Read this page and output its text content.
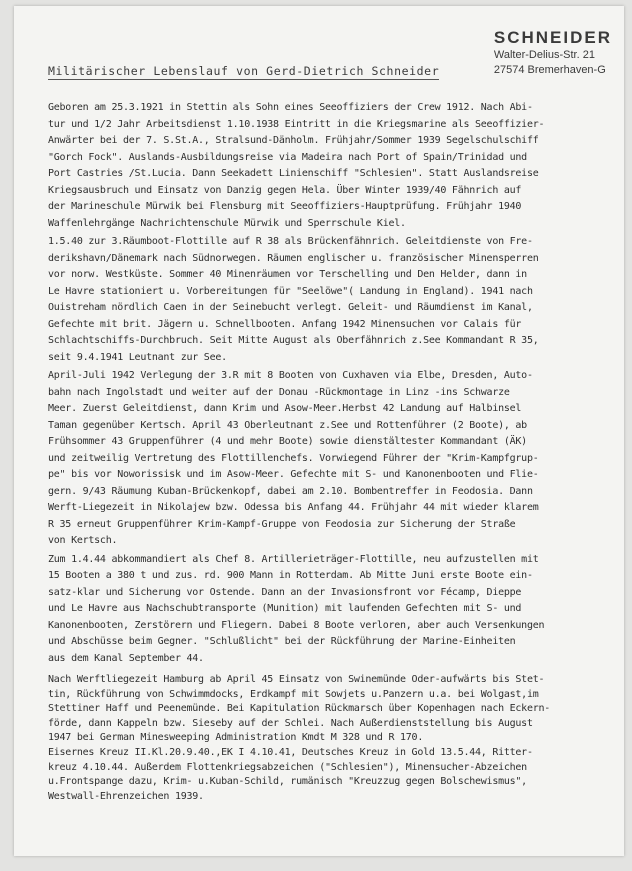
SCHNEIDER
Walter-Delius-Str. 21
27574 Bremerhaven-G
Militärischer Lebenslauf von Gerd-Dietrich Schneider
Geboren am 25.3.1921 in Stettin als Sohn eines Seeoffiziers der Crew 1912. Nach Abi-
tur und 1/2 Jahr Arbeitsdienst 1.10.1938 Eintritt in die Kriegsmarine als Seeoffizier-
Anwärter bei der 7. S.St.A., Stralsund-Dänholm. Frühjahr/Sommer 1939 Segelschulschiff
"Gorch Fock". Auslands-Ausbildungsreise via Madeira nach Port of Spain/Trinidad und
Port Castries /St.Lucia. Dann Seekadett Linienschiff "Schlesien". Statt Auslandsreise
Kriegsausbruch und Einsatz von Danzig gegen Hela. Über Winter 1939/40 Fähnrich auf
der Marineschule Mürwik bei Flensburg mit Seeoffiziers-Hauptprüfung. Frühjahr 1940
Waffenlehrgänge Nachrichtenschule Mürwik und Sperrschule Kiel.
1.5.40 zur 3.Räumboot-Flottille auf R 38 als Brückenfähnrich. Geleitdienste von Fre-
derikshavn/Dänemark nach Südnorwegen. Räumen englischer u. französischer Minensperren
vor norw. Westküste. Sommer 40 Minenräumen vor Terschelling und Den Helder, dann in
Le Havre stationiert u. Vorbereitungen für "Seelöwe"( Landung in England). 1941 nach
Ouistreham nördlich Caen in der Seinebucht verlegt. Geleit- und Räumdienst im Kanal,
Gefechte mit brit. Jägern u. Schnellbooten. Anfang 1942 Minensuchen vor Calais für
Schlachtschiffs-Durchbruch. Seit Mitte August als Oberfähnrich z.See Kommandant R 35,
seit 9.4.1941 Leutnant zur See.
April-Juli 1942 Verlegung der 3.R mit 8 Booten von Cuxhaven via Elbe, Dresden, Auto-
bahn nach Ingolstadt und weiter auf der Donau -Rückmontage in Linz -ins Schwarze
Meer. Zuerst Geleitdienst, dann Krim und Asow-Meer.Herbst 42 Landung auf Halbinsel
Taman gegenüber Kertsch. April 43 Oberleutnant z.See und Rottenführer (2 Boote), ab
Frühsommer 43 Gruppenführer (4 und mehr Boote) sowie dienstältester Kommandant (ÄK)
und zeitweilig Vertretung des Flottillenchefs. Vorwiegend Führer der "Krim-Kampfgrup-
pe" bis vor Noworissisk und im Asow-Meer. Gefechte mit S- und Kanonenbooten und Flie-
gern. 9/43 Räumung Kuban-Brückenkopf, dabei am 2.10. Bombentreffer in Feodosia. Dann
Werft-Liegezeit in Nikolajew bzw. Odessa bis Anfang 44. Frühjahr 44 mit wieder klarem
R 35 erneut Gruppenführer Krim-Kampf-Gruppe von Feodosia zur Sicherung der Straße
von Kertsch.
Zum 1.4.44 abkommandiert als Chef 8. Artillerieträger-Flottille, neu aufzustellen mit
15 Booten a 380 t und zus. rd. 900 Mann in Rotterdam. Ab Mitte Juni erste Boote ein-
satz-klar und Sicherung vor Ostende. Dann an der Invasionsfront vor Fécamp, Dieppe
und Le Havre aus Nachschubtransporte (Munition) mit laufenden Gefechten mit S- und
Kanonenbooten, Zerstörern und Fliegern. Dabei 8 Boote verloren, aber auch Versenkungen
und Abschüsse beim Gegner. "Schlußlicht" bei der Rückführung der Marine-Einheiten
aus dem Kanal September 44.
Nach Werftliegezeit Hamburg ab April 45 Einsatz von Swinemünde Oder-aufwärts bis Stet-
tin, Rückführung von Schwimmdocks, Erdkampf mit Sowjets u.Panzern u.a. bei Wolgast,im
Stettiner Haff und Peenemünde. Bei Kapitulation Rückmarsch über Kopenhagen nach Eckern-
förde, dann Kappeln bzw. Sieseby auf der Schlei. Nach Außerdienststellung bis August
1947 bei German Minesweeping Administration Kmdt M 328 und R 170.
Eisernes Kreuz II.Kl.20.9.40.,EK I 4.10.41, Deutsches Kreuz in Gold 13.5.44, Ritter-
kreuz 4.10.44. Außerdem Flottenkriegsabzeichen ("Schlesien"), Minensucher-Abzeichen
u.Frontspange dazu, Krim- u.Kuban-Schild, rumänisch "Kreuzzug gegen Bolschewismus",
Westwall-Ehrenzeichen 1939.
